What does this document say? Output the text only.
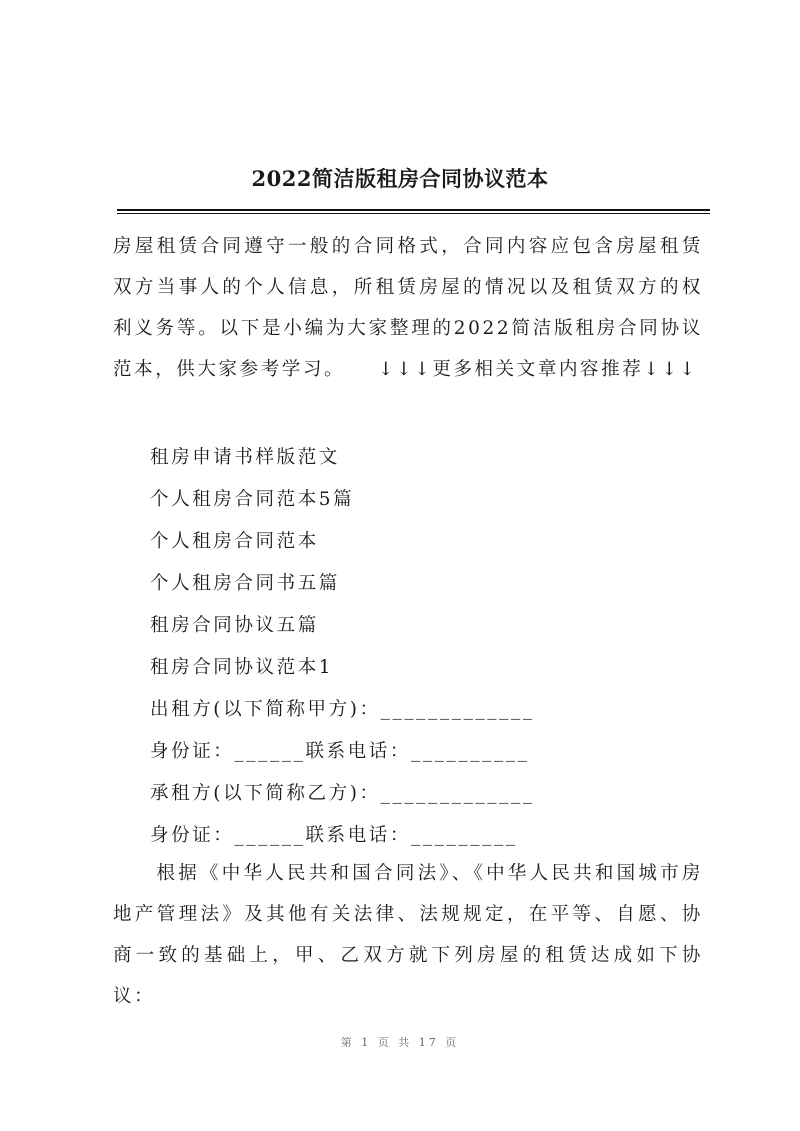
2022简洁版租房合同协议范本

房屋租赁合同遵守一般的合同格式，合同内容应包含房屋租赁双方当事人的个人信息，所租赁房屋的情况以及租赁双方的权利义务等。以下是小编为大家整理的2022简洁版租房合同协议范本，供大家参考学习。　　↓↓↓更多相关文章内容推荐↓↓↓

租房申请书样版范文

个人租房合同范本5篇

个人租房合同范本

个人租房合同书五篇

租房合同协议五篇

租房合同协议范本1

出租方(以下简称甲方)：_____________

身份证：______联系电话：__________

承租方(以下简称乙方)：_____________

身份证：______联系电话：_________

　　根据《中华人民共和国合同法》、《中华人民共和国城市房地产管理法》及其他有关法律、法规规定，在平等、自愿、协商一致的基础上，甲、乙双方就下列房屋的租赁达成如下协议：

第 1 页 共 17 页
